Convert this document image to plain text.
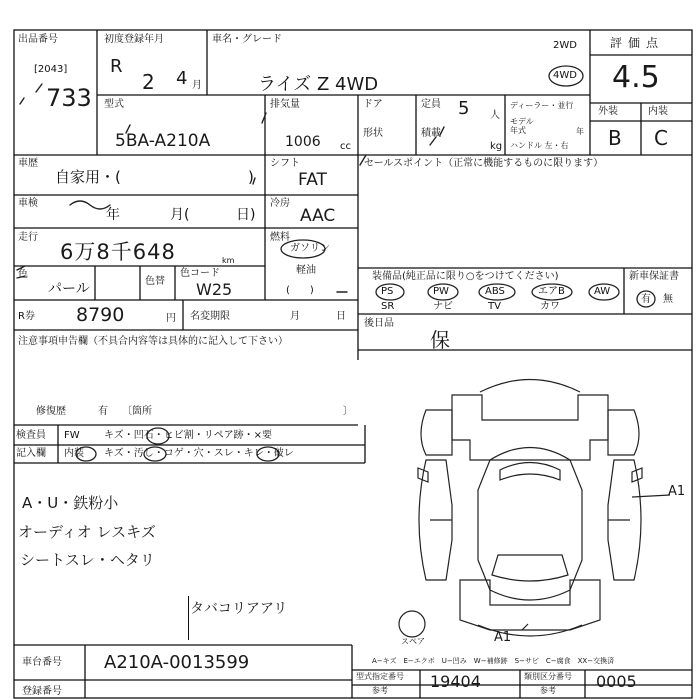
出品番号
[2043]
733
初度登録年月
R
2 4 月
車名・グレード
ライズ Z 4WD
2WD
4WD
評価点
4.5
型式
5BA-A210A
排気量
1006 cc
ドア
形状
定員 5 人
積載
kg
ディーラー・並行
モデル年式	年
ハンドル 左・右
外装	内装
B C
車歴
自家用・(	)
シフト
FAT
セールスポイント（正常に機能するものに限ります）
車検
年	月(	日)
冷房
AAC
走行
6万8千648	km
燃料
ガソリン
軽油
(　　)
色
パール	色替
色コード
W25
装備品(純正品に限り○をつけてください)	新車保証書
有 無
PS	PW	ABS	エアB	AW
SR	ナビ	TV	カワ
R券 8790	円 名変期限	月	日
後日品
保
注意事項申告欄（不具合内容等は具体的に記入して下さい）
修復歴	有 〔箇所	〕
検査員
記入欄
FW キズ・凹石・ヒビ割・リペア跡・×要
内装 キズ・汚し・コゲ・穴・スレ・キレ・破レ
A・U・鉄粉小
オーディオ レスキズ
シートスレ・ヘタリ
タバコリアアリ
A1
A1
スペア
A−キズ　E−エクボ　U−凹み　W−補修跡　S−サビ　C−腐食　XX−交換済
車台番号 A210A-0013599
登録番号
型式指定番号
参考	19404	類別区分番号
参考	0005
